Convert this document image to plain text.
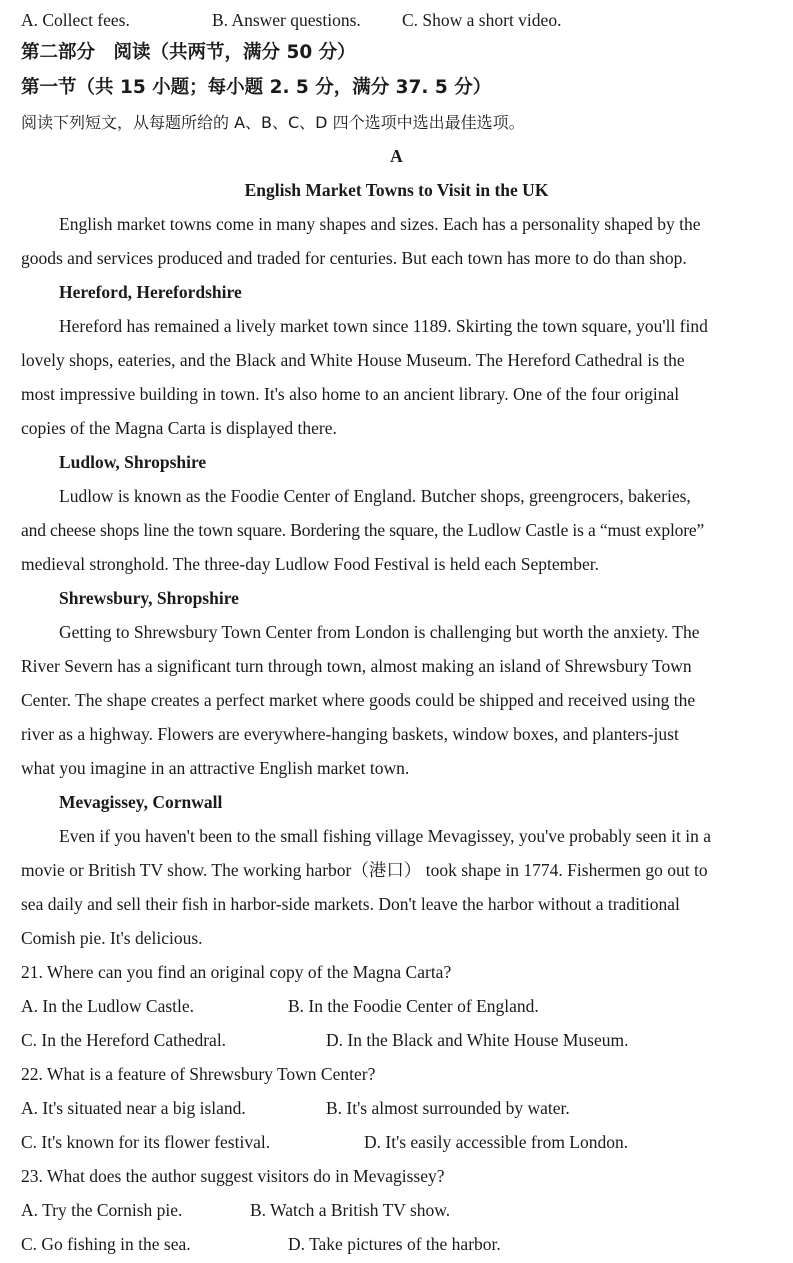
A. Collect fees.	B. Answer questions. C. Show a short video.
第二部分　阅读（共两节，满分 50 分）
第一节（共 15 小题；每小题 2. 5 分，满分 37. 5 分）
阅读下列短文，从每题所给的 A、B、C、D 四个选项中选出最佳选项。
A
English Market Towns to Visit in the UK
English market towns come in many shapes and sizes. Each has a personality shaped by the
goods and services produced and traded for centuries. But each town has more to do than shop.
Hereford, Herefordshire
Hereford has remained a lively market town since 1189. Skirting the town square, you'll find
lovely shops, eateries, and the Black and White House Museum. The Hereford Cathedral is the
most impressive building in town. It's also home to an ancient library. One of the four original
copies of the Magna Carta is displayed there.
Ludlow, Shropshire
Ludlow is known as the Foodie Center of England. Butcher shops, greengrocers, bakeries,
and cheese shops line the town square. Bordering the square, the Ludlow Castle is a “must explore”
medieval stronghold. The three-day Ludlow Food Festival is held each September.
Shrewsbury, Shropshire
Getting to Shrewsbury Town Center from London is challenging but worth the anxiety. The
River Severn has a significant turn through town, almost making an island of Shrewsbury Town
Center. The shape creates a perfect market where goods could be shipped and received using the
river as a highway. Flowers are everywhere-hanging baskets, window boxes, and planters-just
what you imagine in an attractive English market town.
Mevagissey, Cornwall
Even if you haven't been to the small fishing village Mevagissey, you've probably seen it in a
movie or British TV show. The working harbor（港口） took shape in 1774. Fishermen go out to
sea daily and sell their fish in harbor-side markets. Don't leave the harbor without a traditional
Comish pie. It's delicious.
21. Where can you find an original copy of the Magna Carta?
A. In the Ludlow Castle.	B. In the Foodie Center of England.
C. In the Hereford Cathedral.	D. In the Black and White House Museum.
22. What is a feature of Shrewsbury Town Center?
A. It's situated near a big island.	B. It's almost surrounded by water.
C. It's known for its flower festival.	D. It's easily accessible from London.
23. What does the author suggest visitors do in Mevagissey?
A. Try the Cornish pie.	B. Watch a British TV show.
C. Go fishing in the sea.	D. Take pictures of the harbor.
